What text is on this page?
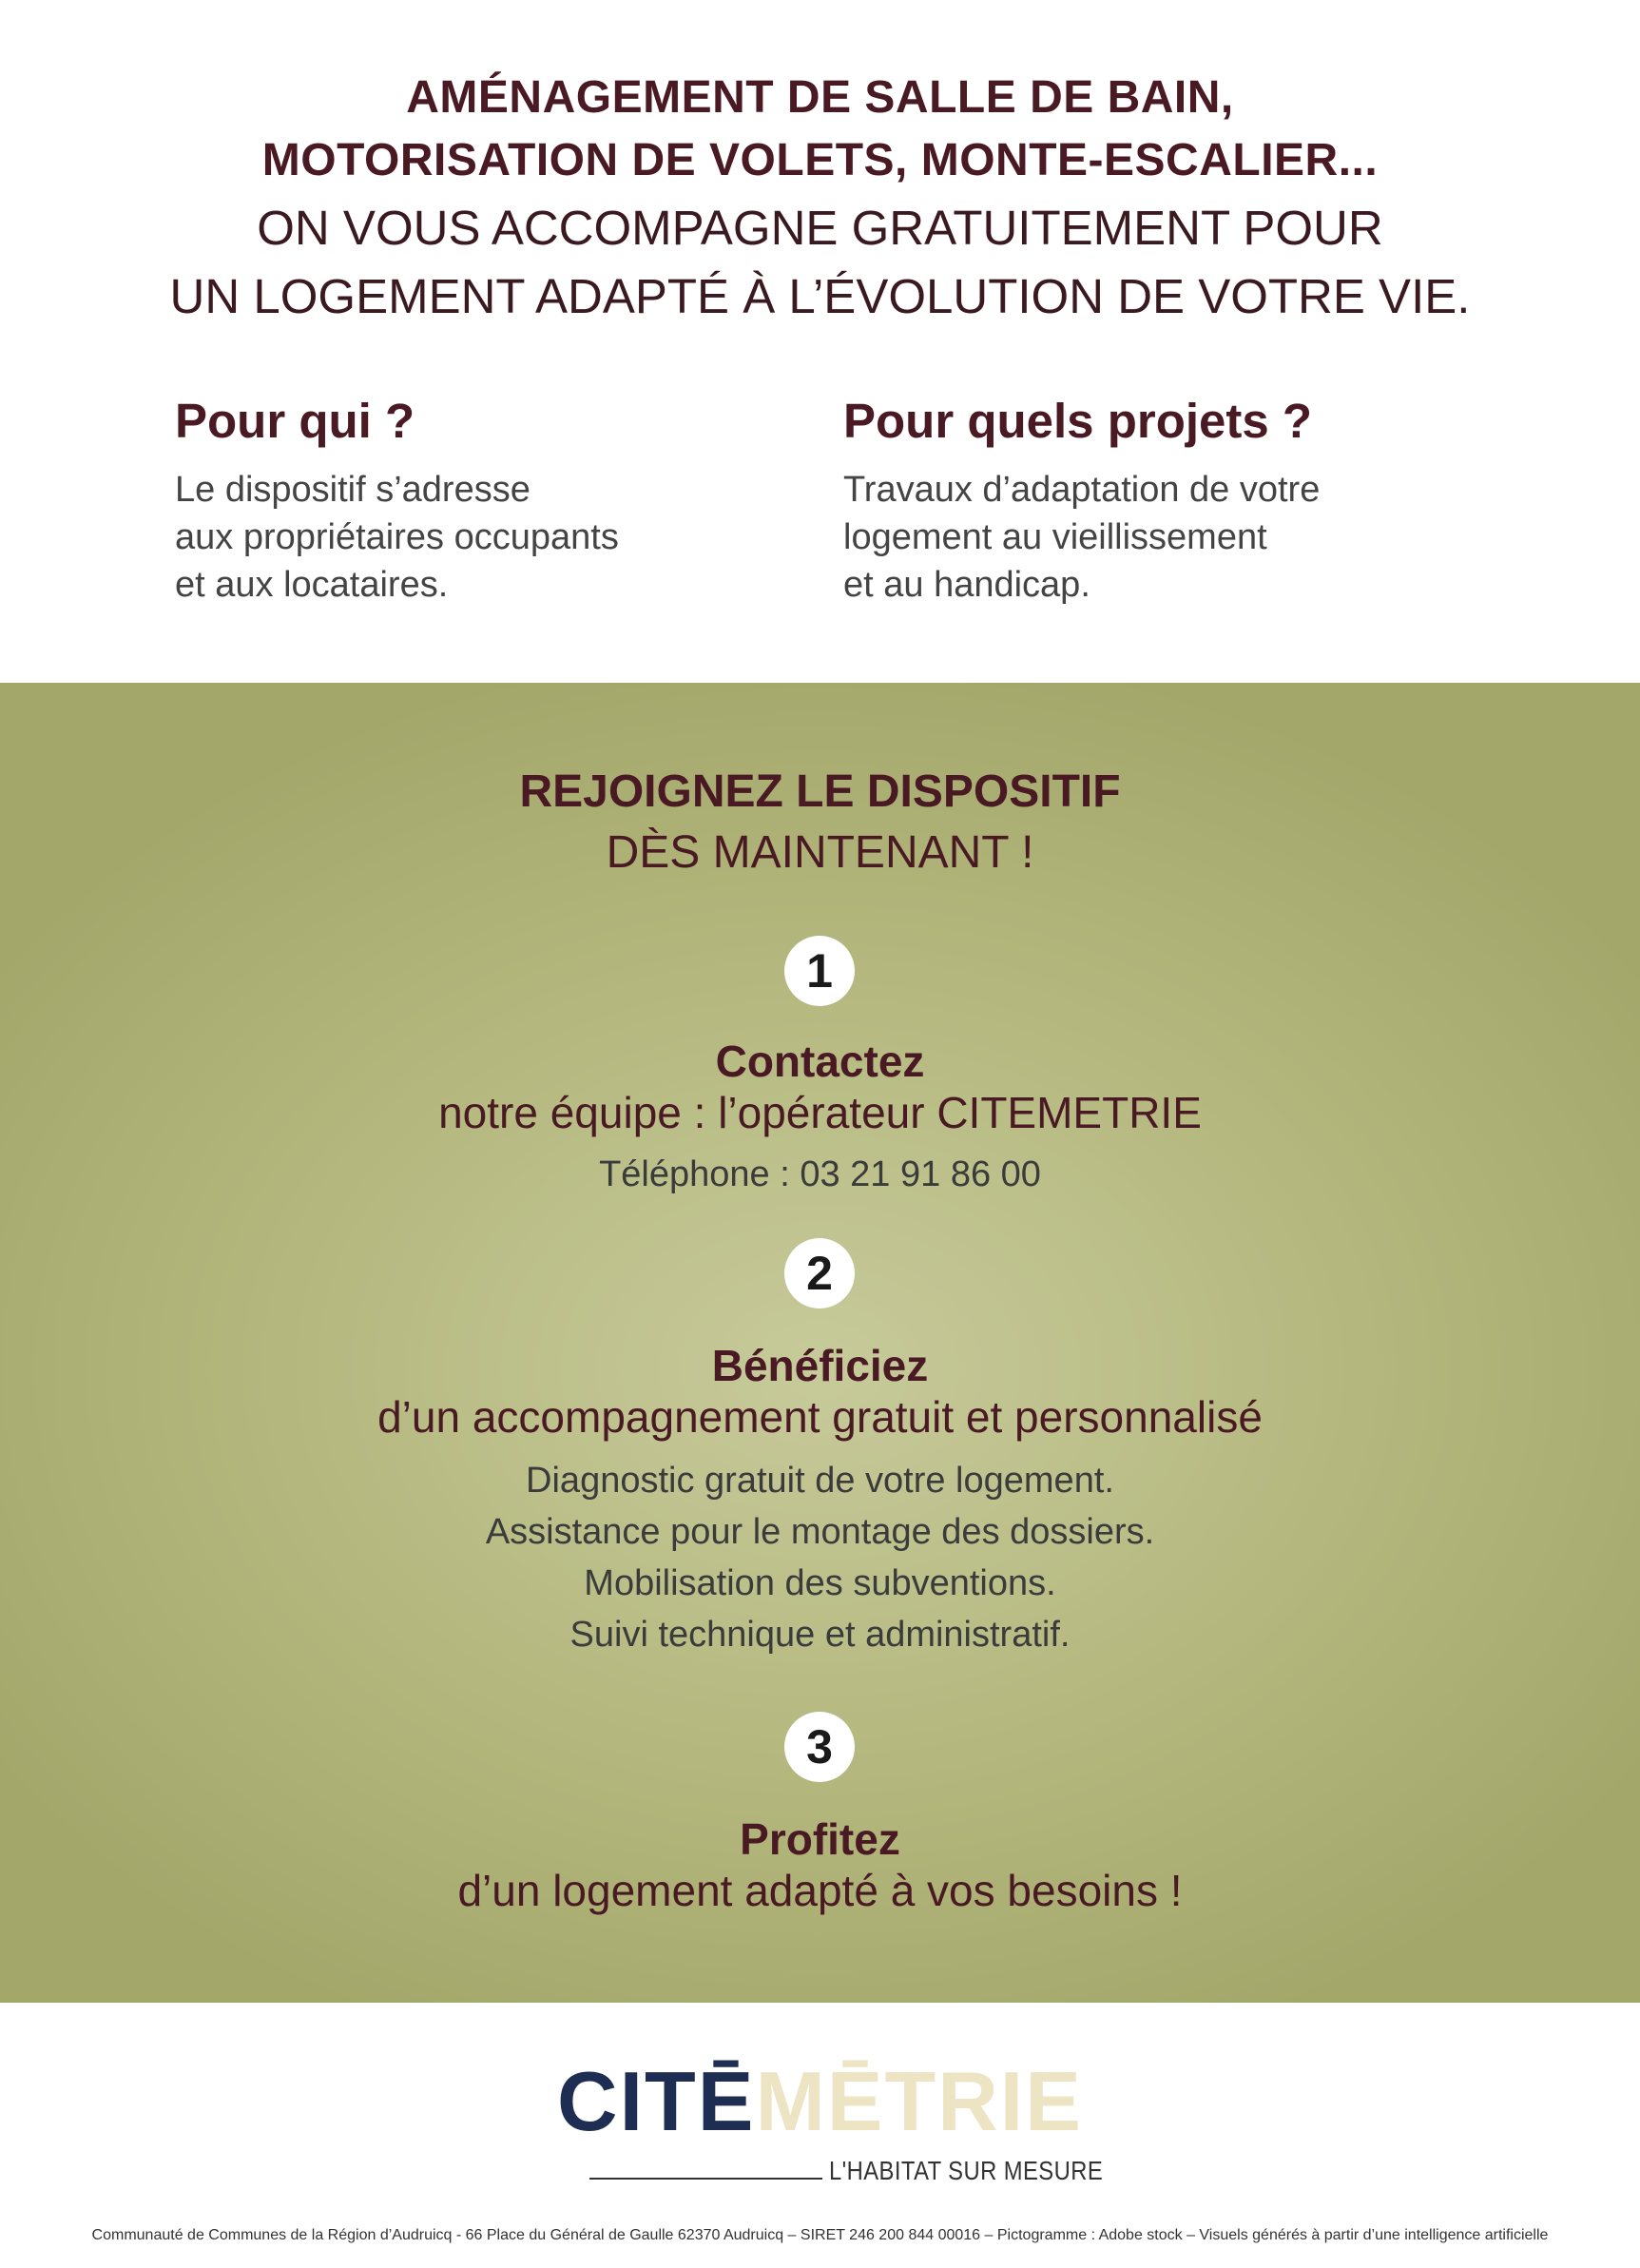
AMÉNAGEMENT DE SALLE DE BAIN,
MOTORISATION DE VOLETS, MONTE-ESCALIER...
ON VOUS ACCOMPAGNE GRATUITEMENT POUR
UN LOGEMENT ADAPTÉ À L’ÉVOLUTION DE VOTRE VIE.
Pour qui ?
Le dispositif s’adresse
aux propriétaires occupants
et aux locataires.
Pour quels projets ?
Travaux d’adaptation de votre
logement au vieillissement
et au handicap.
REJOIGNEZ LE DISPOSITIF
DÈS MAINTENANT !
1
Contactez
notre équipe : l’opérateur CITEMETRIE
Téléphone : 03 21 91 86 00
2
Bénéficiez
d’un accompagnement gratuit et personnalisé
Diagnostic gratuit de votre logement.
Assistance pour le montage des dossiers.
Mobilisation des subventions.
Suivi technique et administratif.
3
Profitez
d’un logement adapté à vos besoins !
CITĒMĒTRIE
L'HABITAT SUR MESURE
Communauté de Communes de la Région d’Audruicq - 66 Place du Général de Gaulle 62370 Audruicq – SIRET 246 200 844 00016 – Pictogramme : Adobe stock – Visuels générés à partir d’une intelligence artificielle
